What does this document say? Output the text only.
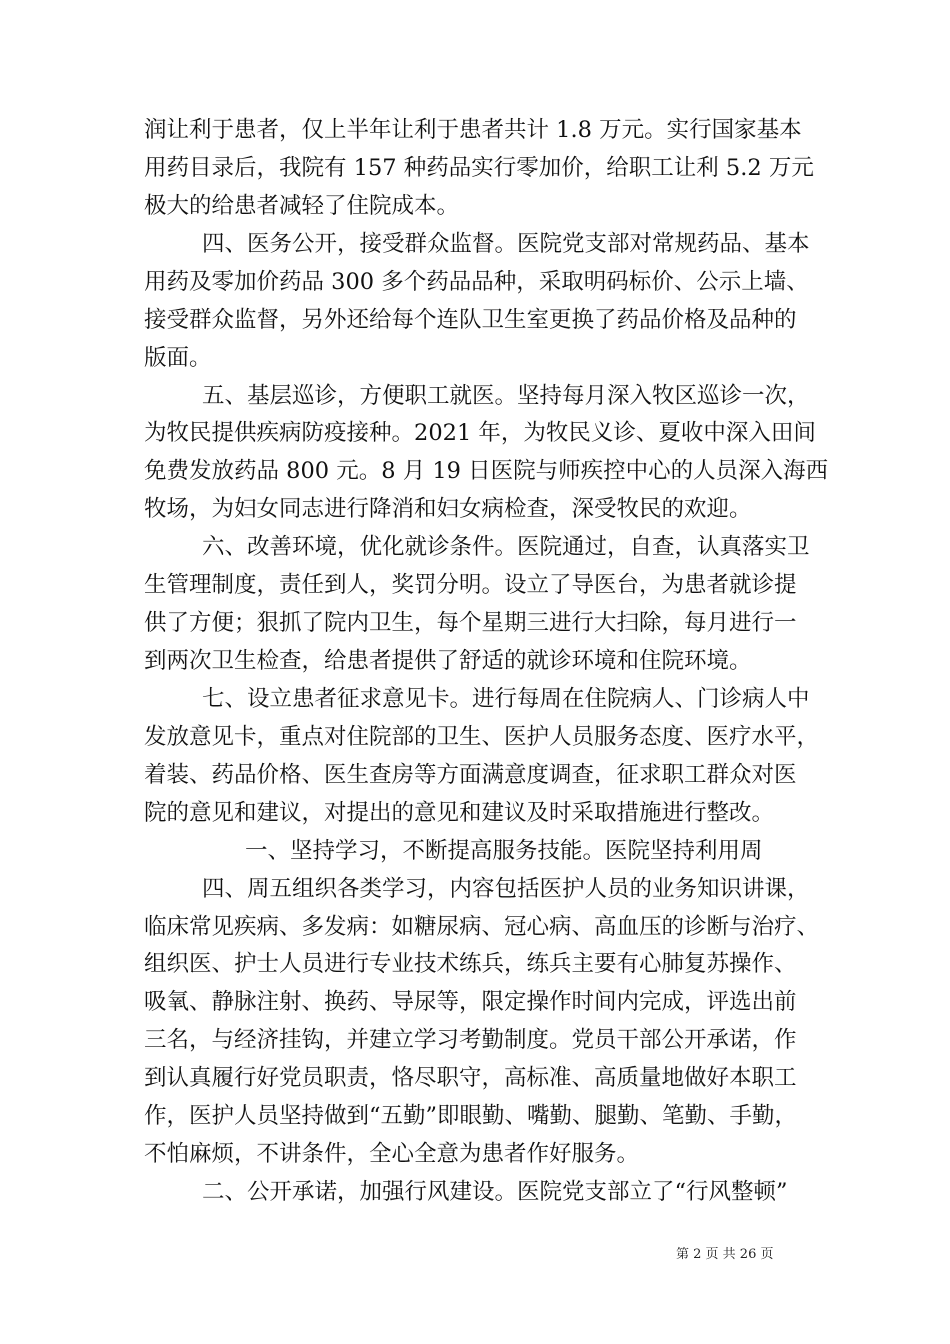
润让利于患者，仅上半年让利于患者共计 1.8 万元。实行国家基本
用药目录后，我院有 157 种药品实行零加价，给职工让利 5.2 万元
极大的给患者减轻了住院成本。
四、医务公开，接受群众监督。医院党支部对常规药品、基本
用药及零加价药品 300 多个药品品种，采取明码标价、公示上墙、
接受群众监督，另外还给每个连队卫生室更换了药品价格及品种的
版面。
五、基层巡诊，方便职工就医。坚持每月深入牧区巡诊一次，
为牧民提供疾病防疫接种。2021 年，为牧民义诊、夏收中深入田间
免费发放药品 800 元。8 月 19 日医院与师疾控中心的人员深入海西
牧场，为妇女同志进行降消和妇女病检查，深受牧民的欢迎。
六、改善环境，优化就诊条件。医院通过，自查，认真落实卫
生管理制度，责任到人，奖罚分明。设立了导医台，为患者就诊提
供了方便；狠抓了院内卫生，每个星期三进行大扫除，每月进行一
到两次卫生检查，给患者提供了舒适的就诊环境和住院环境。
七、设立患者征求意见卡。进行每周在住院病人、门诊病人中
发放意见卡，重点对住院部的卫生、医护人员服务态度、医疗水平，
着装、药品价格、医生查房等方面满意度调查，征求职工群众对医
院的意见和建议，对提出的意见和建议及时采取措施进行整改。
一、坚持学习，不断提高服务技能。医院坚持利用周
四、周五组织各类学习，内容包括医护人员的业务知识讲课，
临床常见疾病、多发病：如糖尿病、冠心病、高血压的诊断与治疗、
组织医、护士人员进行专业技术练兵，练兵主要有心肺复苏操作、
吸氧、静脉注射、换药、导尿等，限定操作时间内完成，评选出前
三名，与经济挂钩，并建立学习考勤制度。党员干部公开承诺，作
到认真履行好党员职责，恪尽职守，高标准、高质量地做好本职工
作，医护人员坚持做到“五勤”即眼勤、嘴勤、腿勤、笔勤、手勤，
不怕麻烦，不讲条件，全心全意为患者作好服务。
二、公开承诺，加强行风建设。医院党支部立了“行风整顿”
第 2 页 共 26 页
